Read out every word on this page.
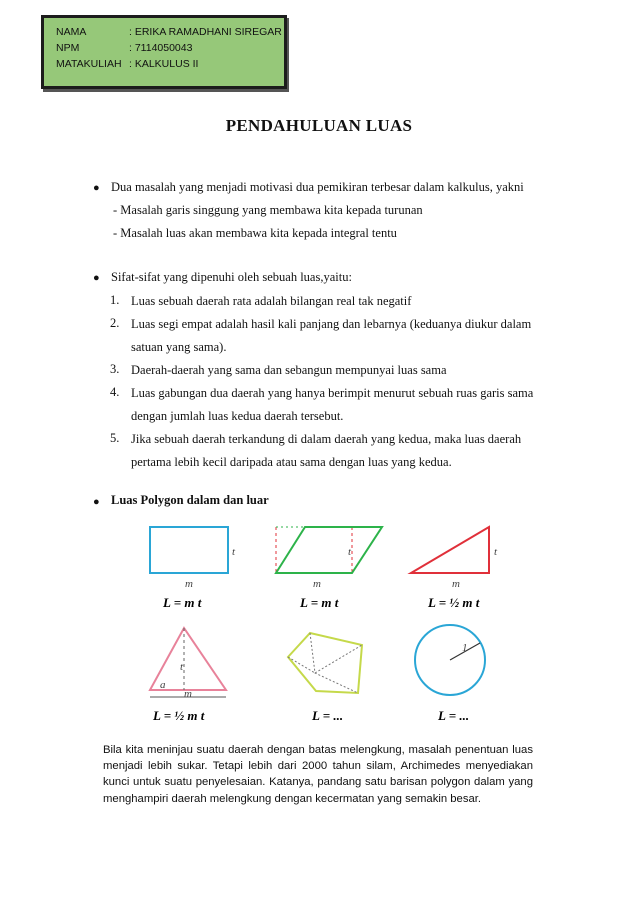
NAMA	: ERIKA RAMADHANI SIREGAR
NPM	: 7114050043
MATAKULIAH : KALKULUS II
PENDAHULUAN LUAS
● Dua masalah yang menjadi motivasi dua pemikiran terbesar dalam kalkulus, yakni
- Masalah garis singgung yang membawa kita kepada turunan
- Masalah luas akan membawa kita kepada integral tentu
● Sifat-sifat yang dipenuhi oleh sebuah luas,yaitu:
1. Luas sebuah daerah rata adalah bilangan real tak negatif
2. Luas segi empat adalah hasil kali panjang dan lebarnya (keduanya diukur dalam
satuan yang sama).
3. Daerah-daerah yang sama dan sebangun mempunyai luas sama
4. Luas gabungan dua daerah yang hanya berimpit menurut sebuah ruas garis sama
dengan jumlah luas kedua daerah tersebut.
5. Jika sebuah daerah terkandung di dalam daerah yang kedua, maka luas daerah
pertama lebih kecil daripada atau sama dengan luas yang kedua.
● Luas Polygon dalam dan luar
t
m
L = m t
t
m
L = m t
t
m
L = ½ m t
t
a
m
L = ½ m t	L = ...
1
L = ...
Bila kita meninjau suatu daerah dengan batas melengkung, masalah penentuan luas menjadi lebih sukar. Tetapi lebih dari 2000 tahun silam, Archimedes menyediakan kunci untuk suatu penyelesaian. Katanya, pandang satu barisan polygon dalam yang menghampiri daerah melengkung dengan kecermatan yang semakin besar.
